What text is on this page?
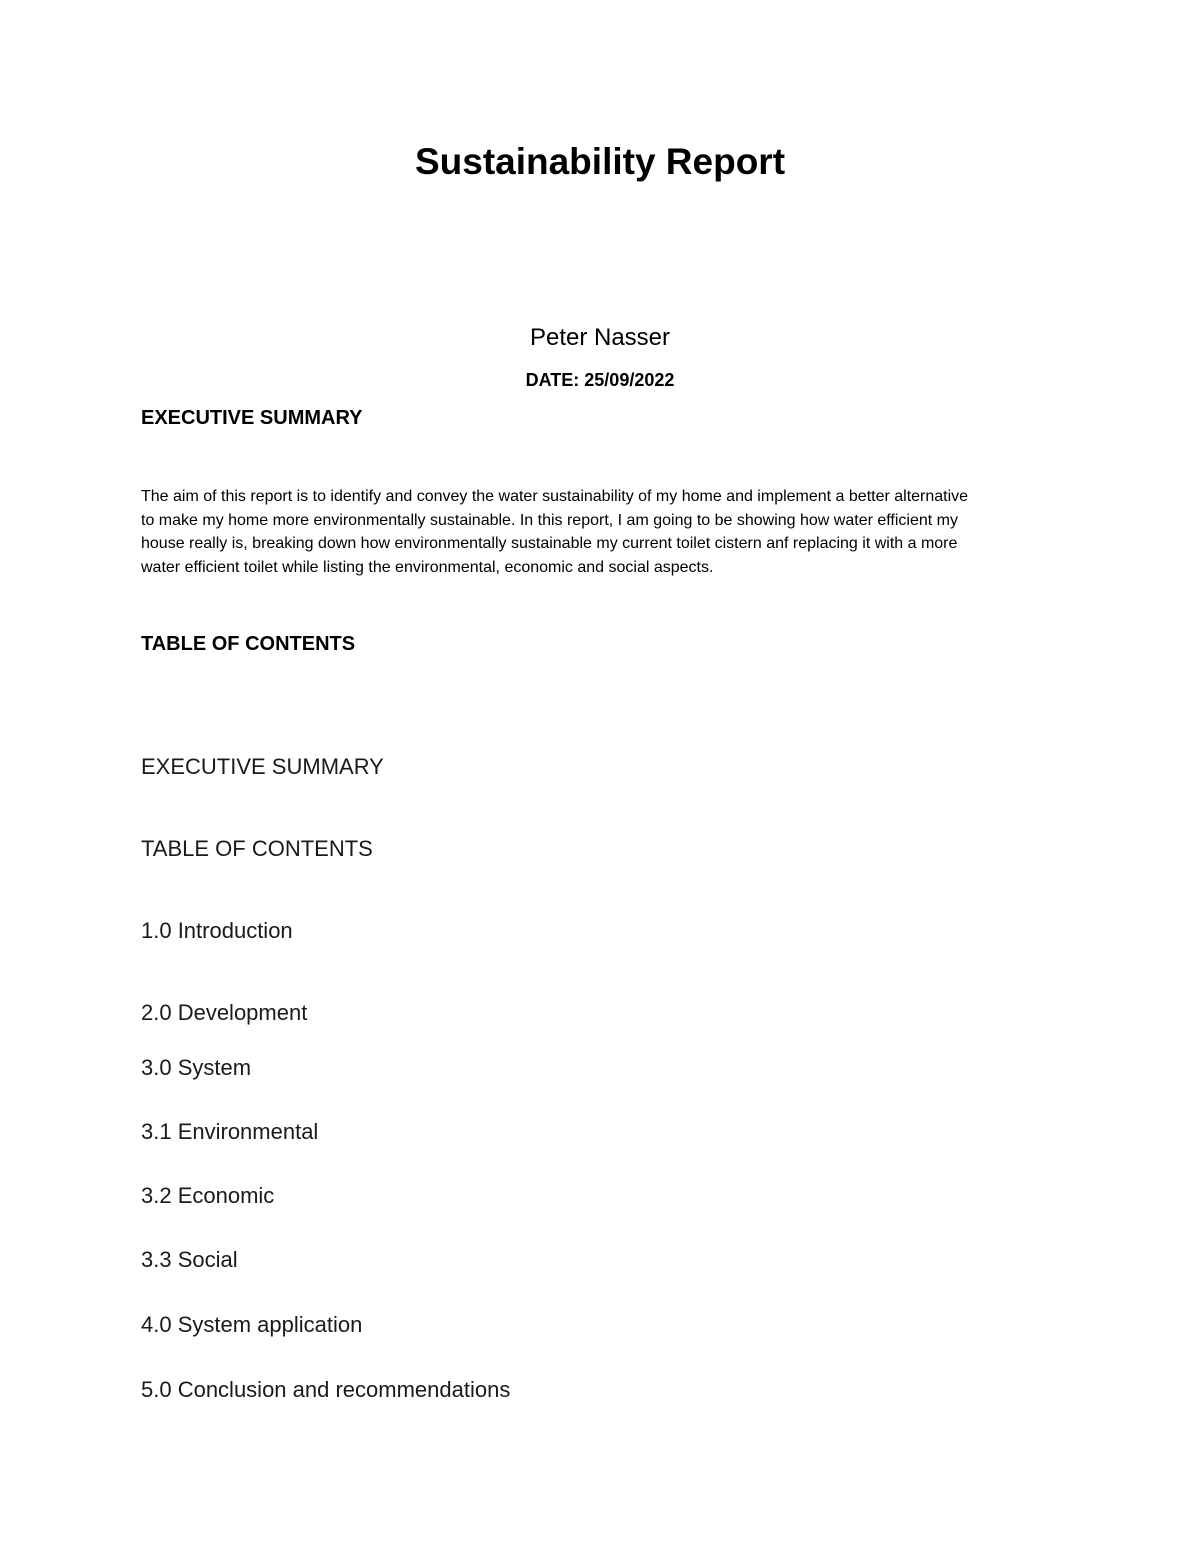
Sustainability Report
Peter Nasser
DATE: 25/09/2022
EXECUTIVE SUMMARY

The aim of this report is to identify and convey the water sustainability of my home and implement a better alternative
to make my home more environmentally sustainable. In this report, I am going to be showing how water efficient my
house really is, breaking down how environmentally sustainable my current toilet cistern anf replacing it with a more
water efficient toilet while listing the environmental, economic and social aspects.

TABLE OF CONTENTS
EXECUTIVE SUMMARY
TABLE OF CONTENTS
1.0 Introduction
2.0 Development
3.0 System
3.1 Environmental
3.2 Economic
3.3 Social
4.0 System application
5.0 Conclusion and recommendations
